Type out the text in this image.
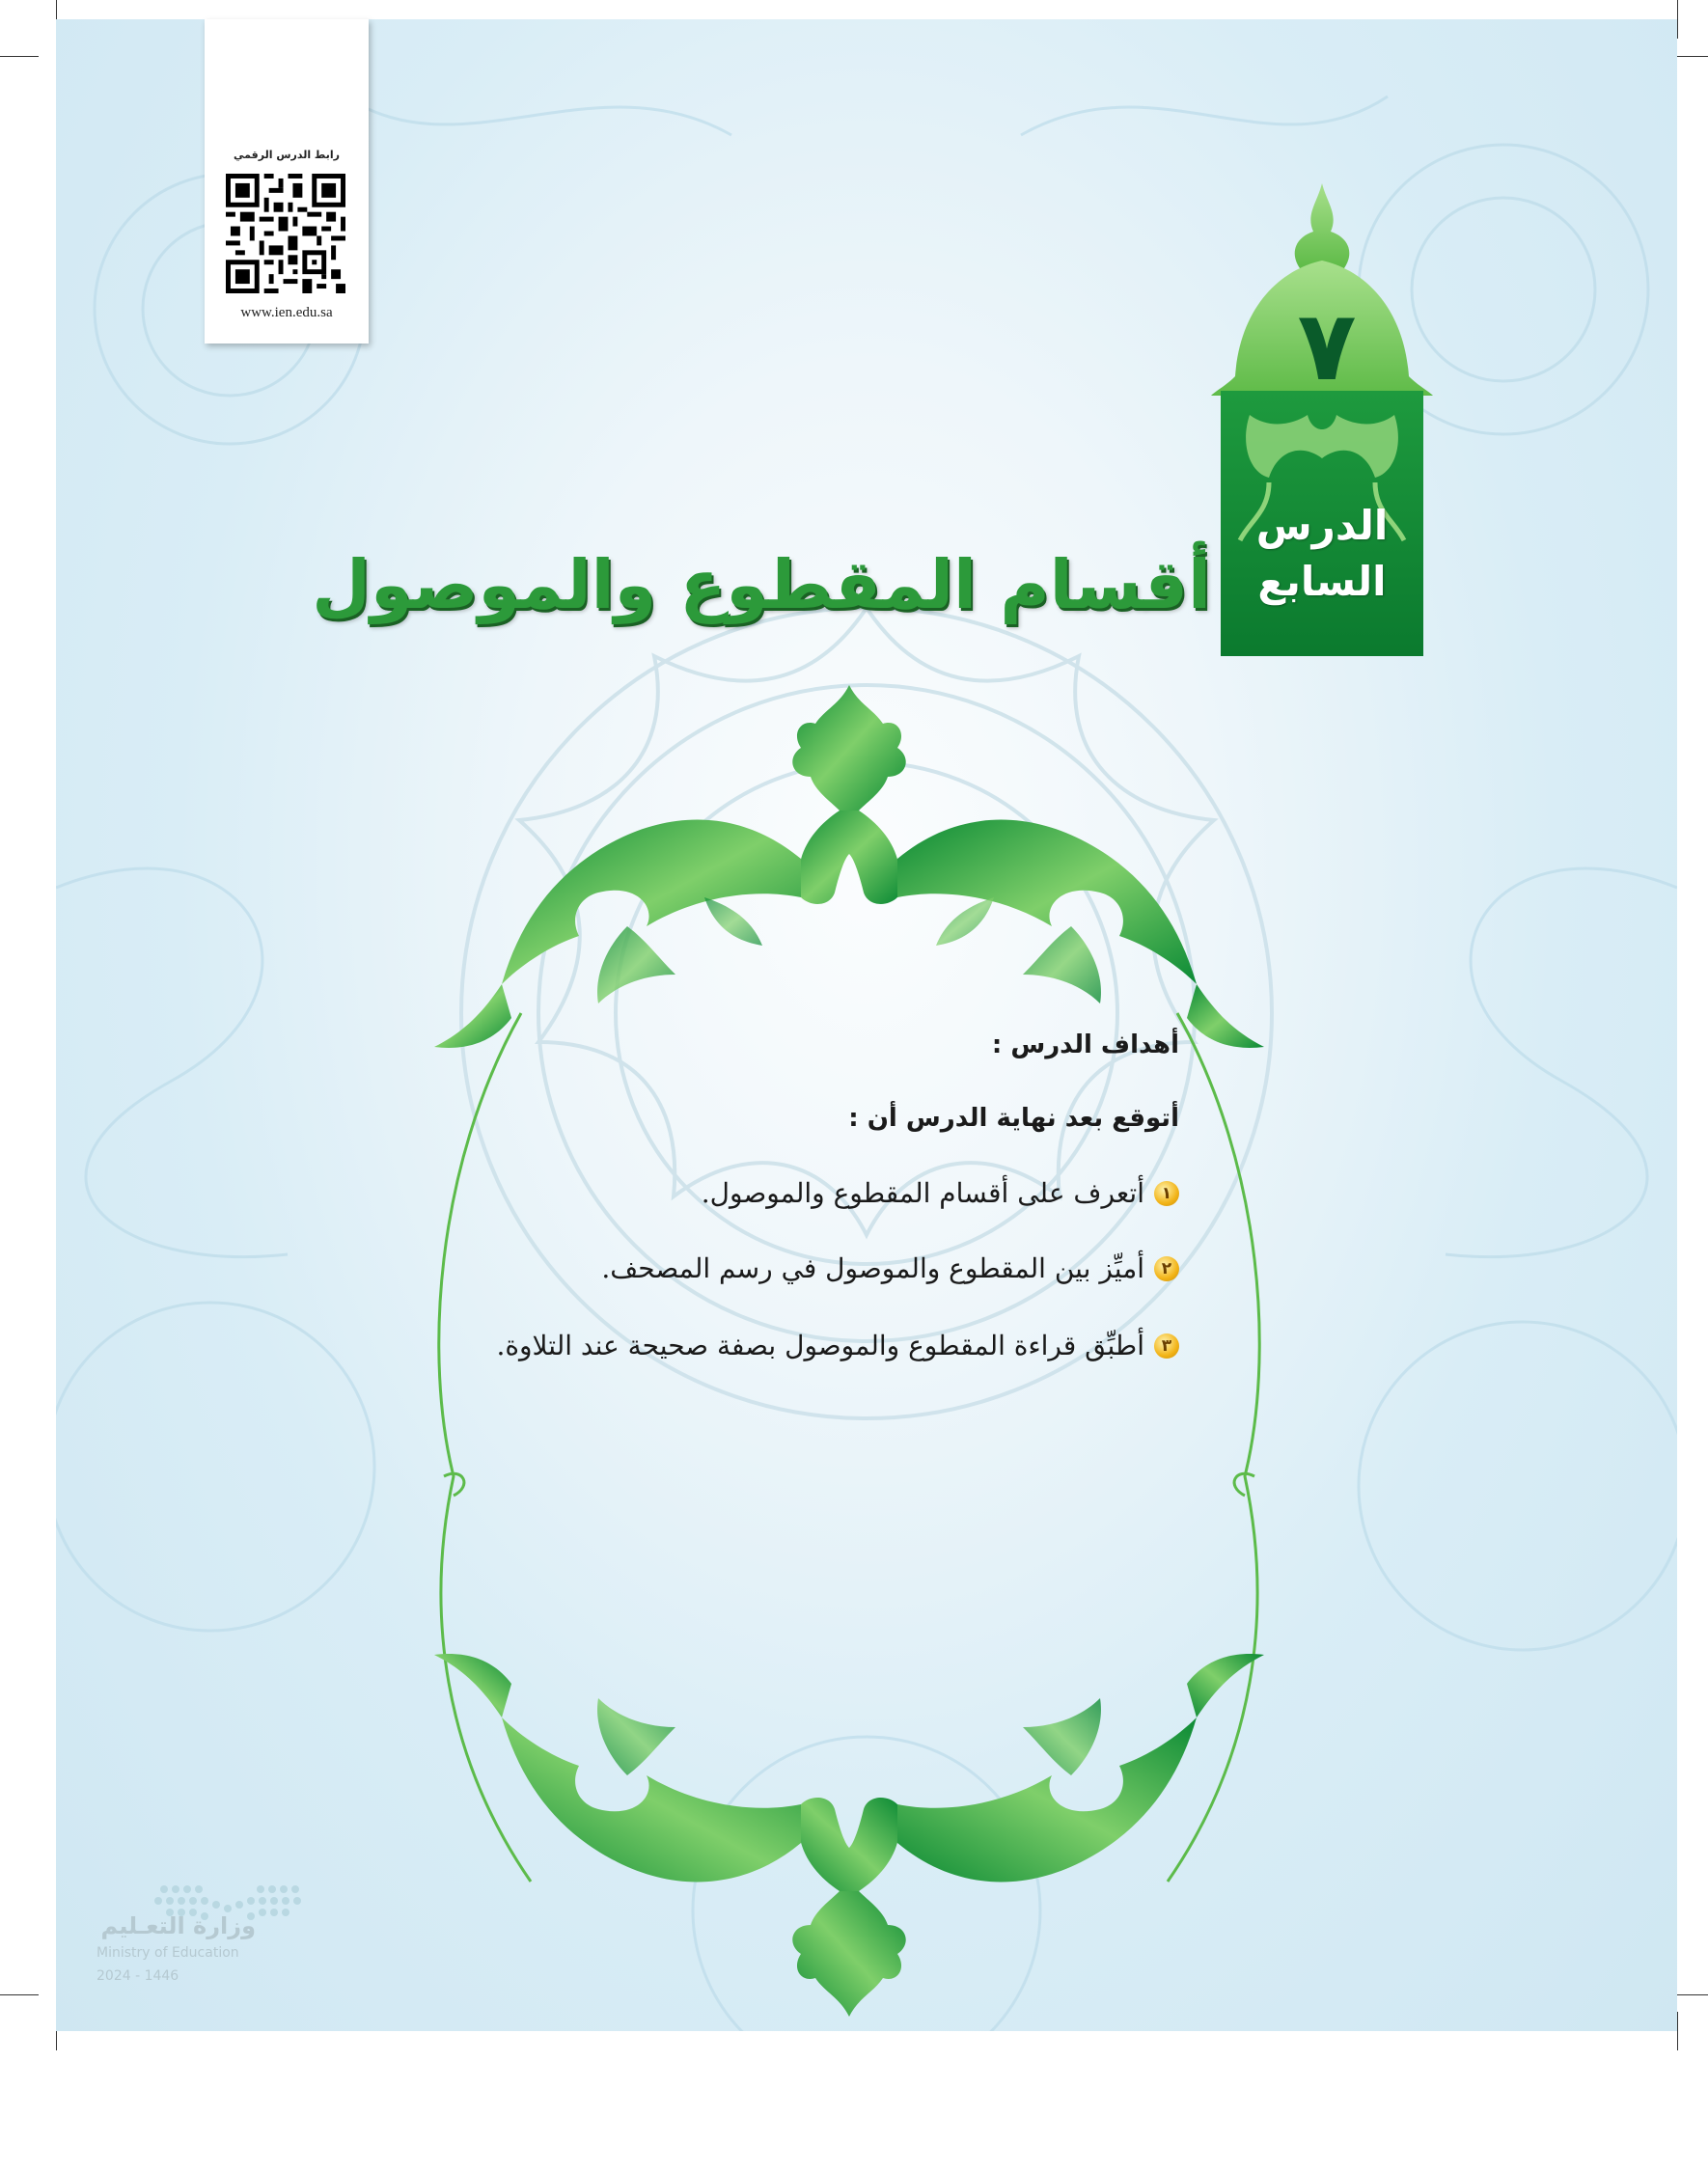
رابط الدرس الرقمي
www.ien.edu.sa	٧
الدرس
السابع
أقسام المقطوع والموصول
أهداف الدرس :
أتوقع بعد نهاية الدرس أن :
١
أتعرف على أقسام المقطوع والموصول.
٢
أميِّز بين المقطوع والموصول في رسم المصحف.
٣
أطبِّق قراءة المقطوع والموصول بصفة صحيحة عند التلاوة.
وزارة التعـليم
Ministry of Education
2024 - 1446
